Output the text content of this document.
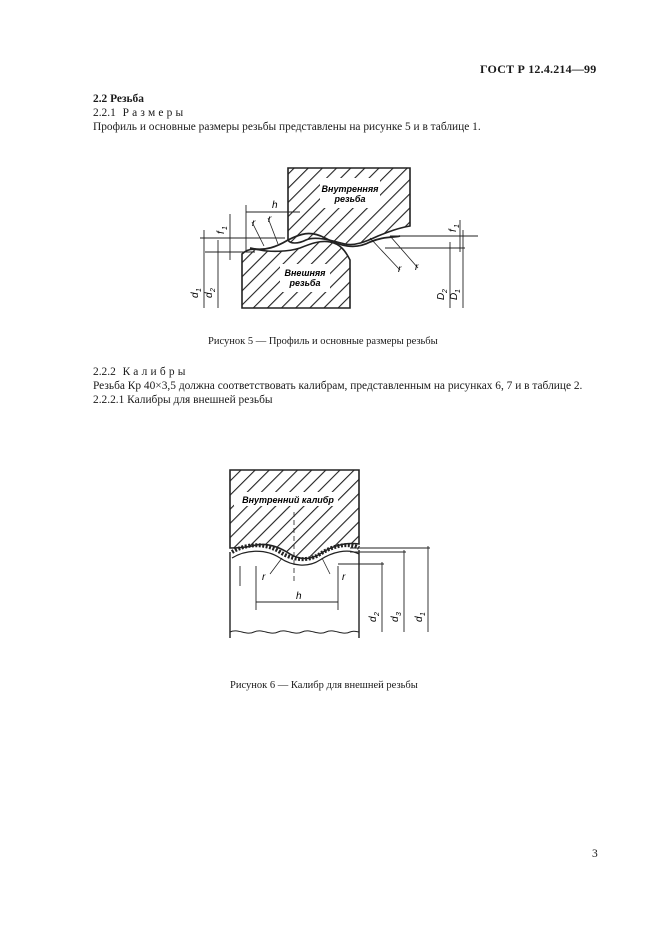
ГОСТ Р 12.4.214—99
2.2 Резьба
2.2.1 Размеры
Профиль и основные размеры резьбы представлены на рисунке 5 и в таблице 1.
Внутренняя
резьба
Внешняя
резьба
h
r r
r r
f
1
f
1
d
1
d
2
D
2
D
1
Рисунок 5 — Профиль и основные размеры резьбы
2.2.2 Калибры
Резьба Кр 40×3,5 должна соответствовать калибрам, представленным на рисунках 6, 7 и в таблице 2.
2.2.2.1 Калибры для внешней резьбы
Внутренний калибр
h
r	r
d
2
d
3
d
1
Рисунок 6 — Калибр для внешней резьбы
3
